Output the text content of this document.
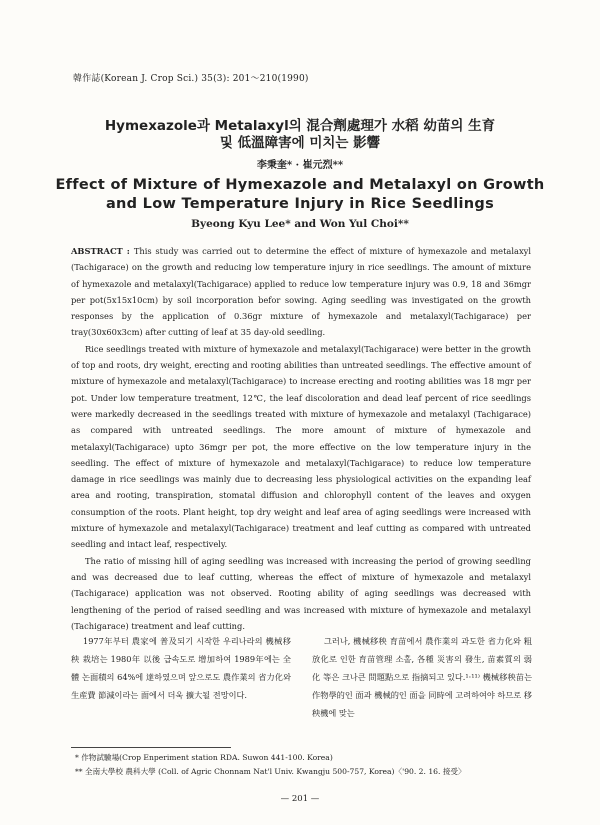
韓作誌(Korean J. Crop Sci.) 35(3): 201～210(1990)
Hymexazole과 Metalaxyl의 混合劑處理가 水稻 幼苗의 生育
및 低溫障害에 미치는 影響
李秉奎* · 崔元烈**
Effect of Mixture of Hymexazole and Metalaxyl on Growth
and Low Temperature Injury in Rice Seedlings
Byeong Kyu Lee* and Won Yul Choi**

ABSTRACT : This study was carried out to determine the effect of mixture of hymexazole and metalaxyl (Tachigarace) on the growth and reducing low temperature injury in rice seedlings. The amount of mixture of hymexazole and metalaxyl(Tachigarace) applied to reduce low temperature injury was 0.9, 18 and 36mgr per pot(5x15x10cm) by soil incorporation befor sowing. Aging seedling was investigated on the growth responses by the application of 0.36gr mixture of hymexazole and metalaxyl(Tachigarace) per tray(30x60x3cm) after cutting of leaf at 35 day-old seedling.

Rice seedlings treated with mixture of hymexazole and metalaxyl(Tachigarace) were better in the growth of top and roots, dry weight, erecting and rooting abilities than untreated seedlings. The effective amount of mixture of hymexazole and metalaxyl(Tachigarace) to increase erecting and rooting abilities was 18 mgr per pot. Under low temperature treatment, 12℃, the leaf discoloration and dead leaf percent of rice seedlings were markedly decreased in the seedlings treated with mixture of hymexazole and metalaxyl (Tachigarace) as compared with untreated seedlings. The more amount of mixture of hymexazole and metalaxyl(Tachigarace) upto 36mgr per pot, the more effective on the low temperature injury in the seedling. The effect of mixture of hymexazole and metalaxyl(Tachigarace) to reduce low temperature damage in rice seedlings was mainly due to decreasing less physiological activities on the expanding leaf area and rooting, transpiration, stomatal diffusion and chlorophyll content of the leaves and oxygen consumption of the roots. Plant height, top dry weight and leaf area of aging seedlings were increased with mixture of hymexazole and metalaxyl(Tachigarace) treatment and leaf cutting as compared with untreated seedling and intact leaf, respectively.

The ratio of missing hill of aging seedling was increased with increasing the period of growing seedling and was decreased due to leaf cutting, whereas the effect of mixture of hymexazole and metalaxyl (Tachigarace) application was not observed. Rooting ability of aging seedlings was decreased with lengthening of the period of raised seedling and was increased with mixture of hymexazole and metalaxyl (Tachigarace) treatment and leaf cutting.

1977年부터 農家에 普及되기 시작한 우리나라의 機械移秧 栽培는 1980年 以後 급속도로 增加하여 1989年에는 全體 논面積의 64%에 達하였으며 앞으로도 農作業의 省力化와 生産費 節減이라는 面에서 더욱 擴大될 전망이다.

그러나, 機械移秧 育苗에서 農作業의 과도한 省力化와 粗放化로 인한 育苗管理 소홀, 各種 災害의 發生, 苗素質의 弱化 等은 크나큰 問題點으로 指摘되고 있다.¹·¹¹⁾ 機械移秧苗는 作物學的인 面과 機械的인 面을 同時에 고려하여야 하므로 移秧機에 맞는

* 作物試驗場(Crop Enperiment station RDA. Suwon 441-100. Korea)
** 全南大學校 農科大學 (Coll. of Agric Chonnam Nat'l Univ. Kwangju 500-757, Korea)〈'90. 2. 16. 接受〉
— 201 —
